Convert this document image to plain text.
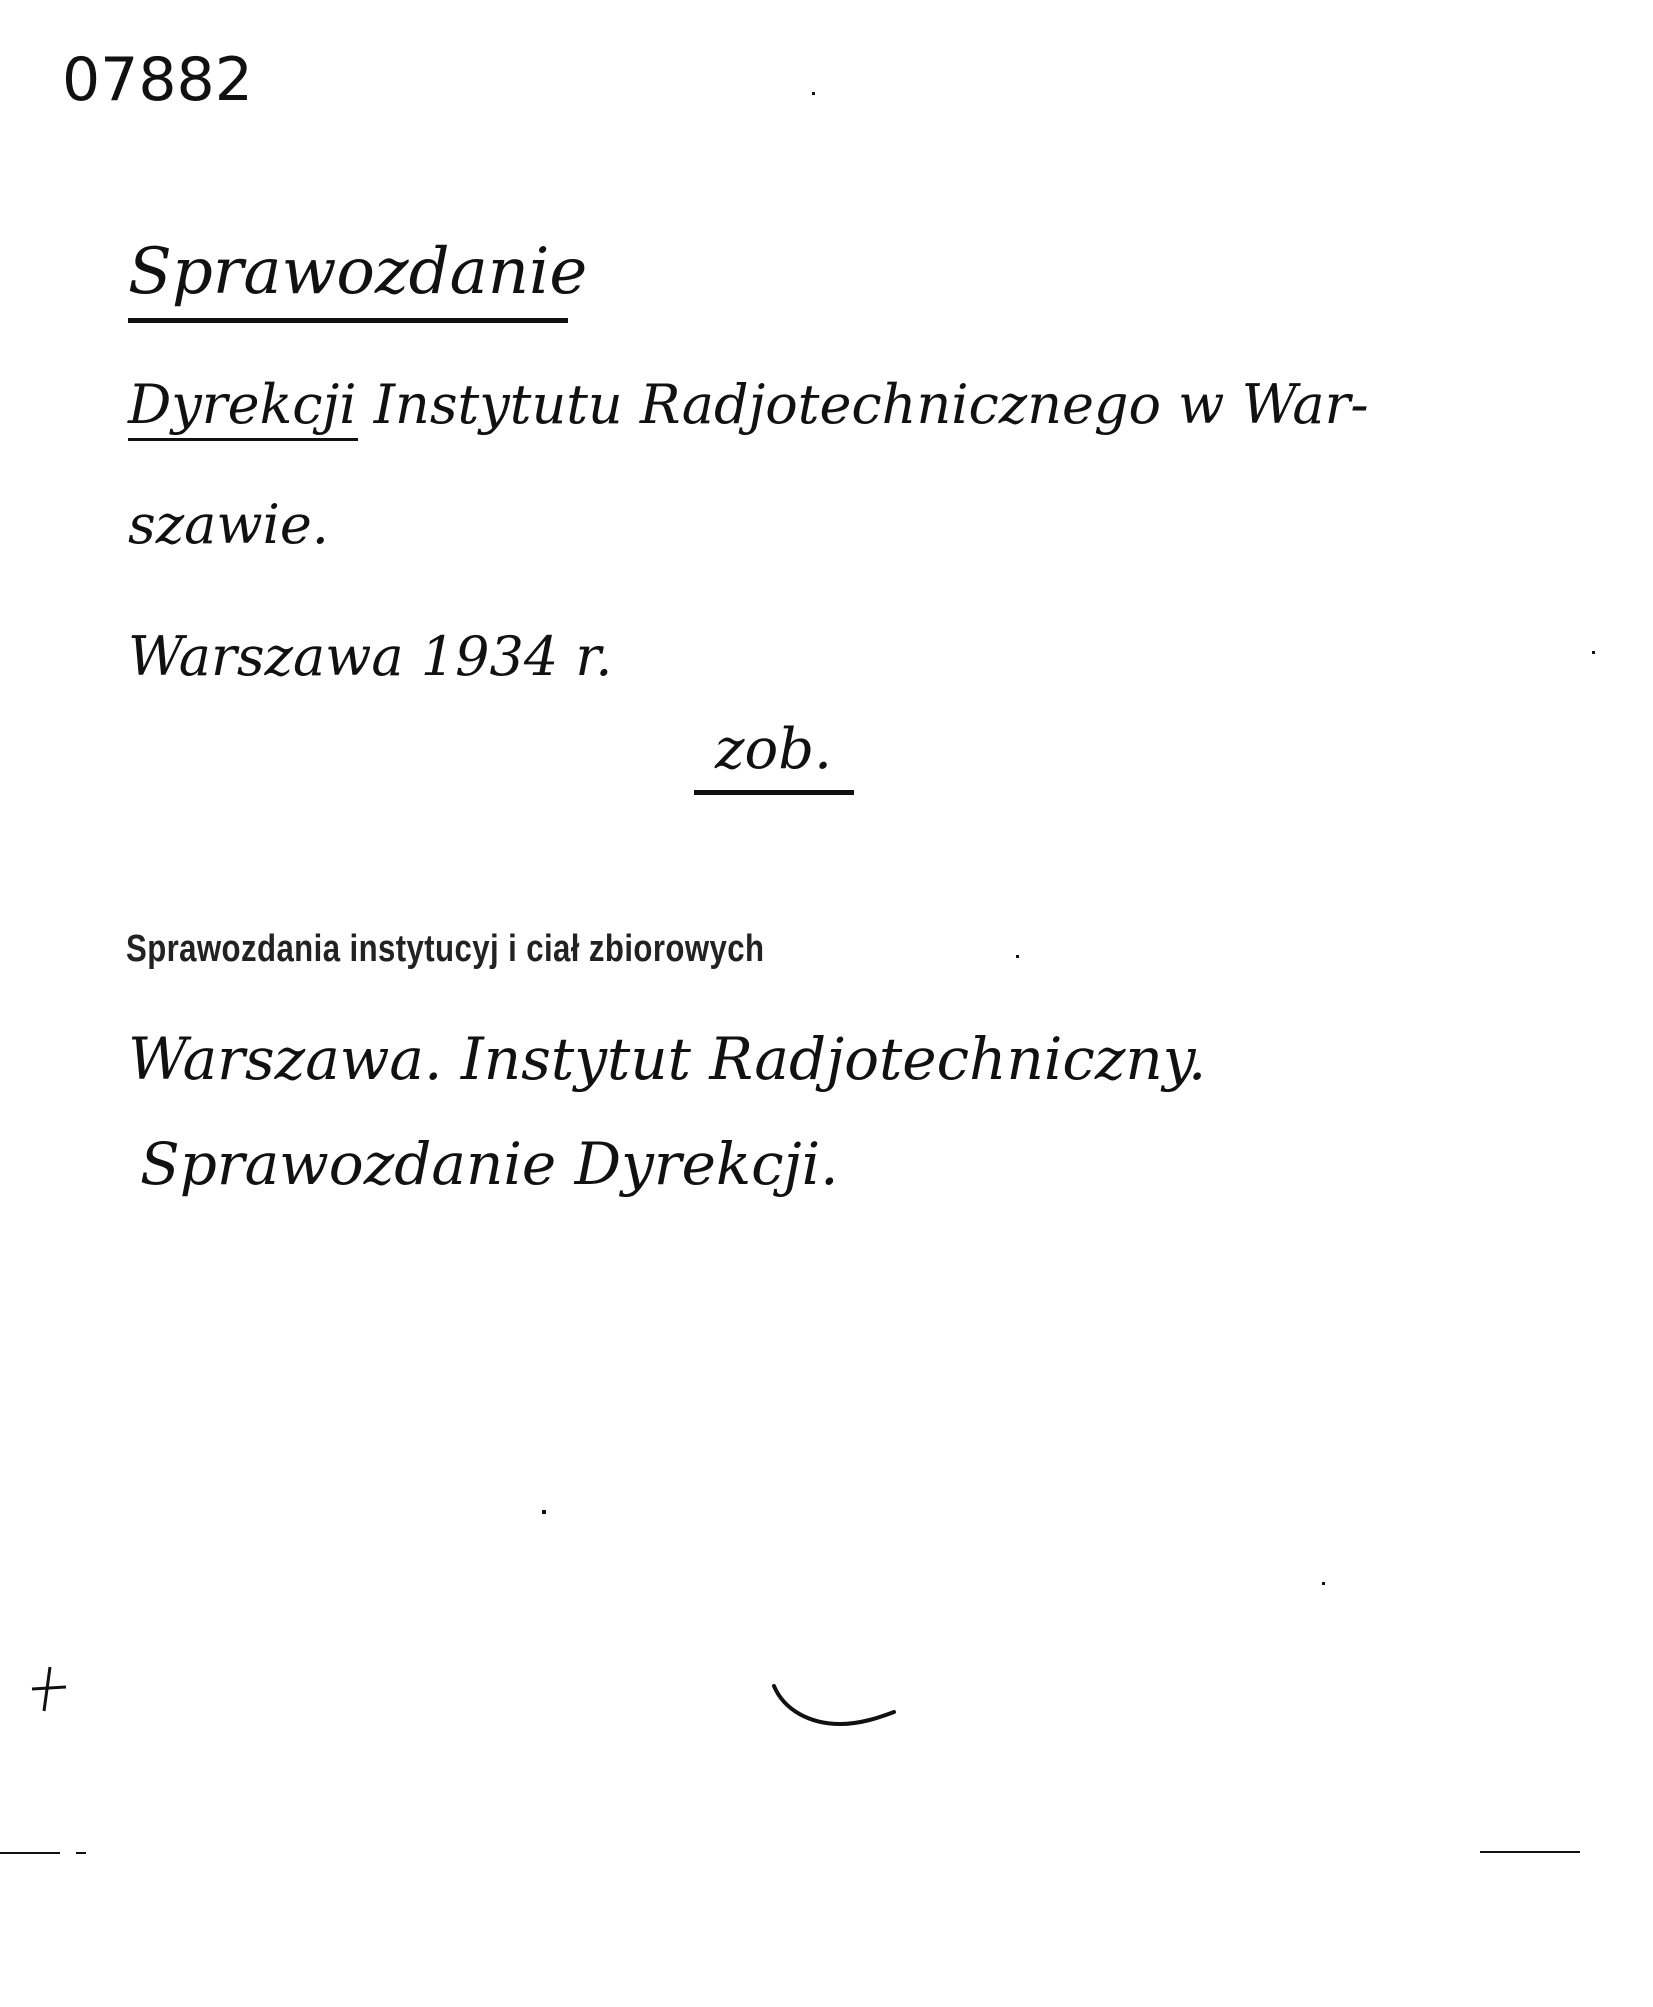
07882
Sprawozdanie
Dyrekcji Instytutu Radjotechnicznego w War-
szawie.
Warszawa 1934 r.
zob.
Sprawozdania instytucyj i ciał zbiorowych
Warszawa. Instytut Radjotechniczny.
Sprawozdanie Dyrekcji.
